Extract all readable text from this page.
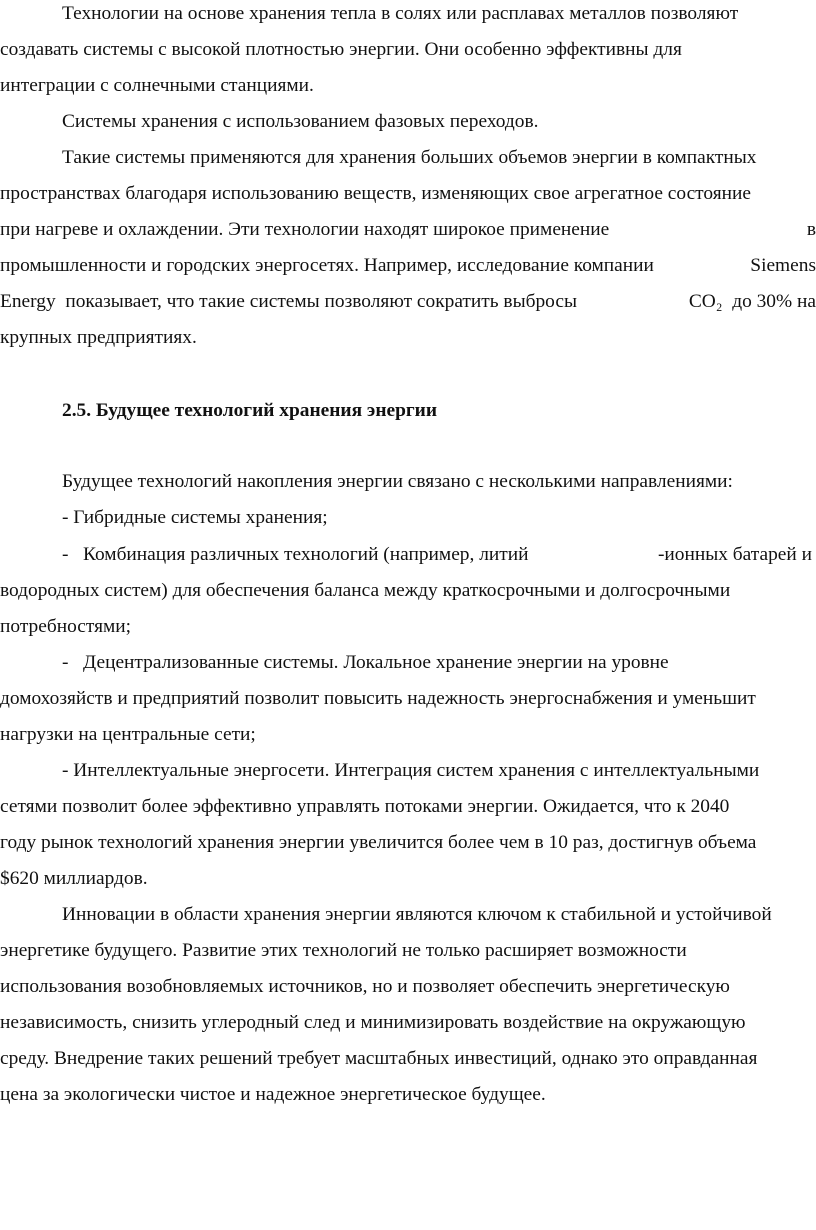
Технологии на основе хранения тепла в солях или расплавах металлов позволяют
создавать системы с высокой плотностью энергии. Они особенно эффективны для
интеграции с солнечными станциями.
Системы хранения с использованием фазовых переходов.
Такие системы применяются для хранения больших объемов энергии в компактных
пространствах благодаря использованию веществ, изменяющих свое агрегатное состояние
при нагреве и охлаждении. Эти технологии находят широкое применение	в
промышленности и городских энергосетях. Например, исследование компании	Siemens
Energy  показывает, что такие системы позволяют сократить выбросы	CO₂  до 30% на
крупных предприятиях.
2.5. Будущее технологий хранения энергии
Будущее технологий накопления энергии связано с несколькими направлениями:
- Гибридные системы хранения;
-   Комбинация различных технологий (например, литий	-ионных батарей и
водородных систем) для обеспечения баланса между краткосрочными и долгосрочными
потребностями;
-   Децентрализованные системы. Локальное хранение энергии на уровне
домохозяйств и предприятий позволит повысить надежность энергоснабжения и уменьшит
нагрузки на центральные сети;
- Интеллектуальные энергосети. Интеграция систем хранения с интеллектуальными
сетями позволит более эффективно управлять потоками энергии. Ожидается, что к 2040
году рынок технологий хранения энергии увеличится более чем в 10 раз, достигнув объема
$620 миллиардов.
Инновации в области хранения энергии являются ключом к стабильной и устойчивой
энергетике будущего. Развитие этих технологий не только расширяет возможности
использования возобновляемых источников, но и позволяет обеспечить энергетическую
независимость, снизить углеродный след и минимизировать воздействие на окружающую
среду. Внедрение таких решений требует масштабных инвестиций, однако это оправданная
цена за экологически чистое и надежное энергетическое будущее.
